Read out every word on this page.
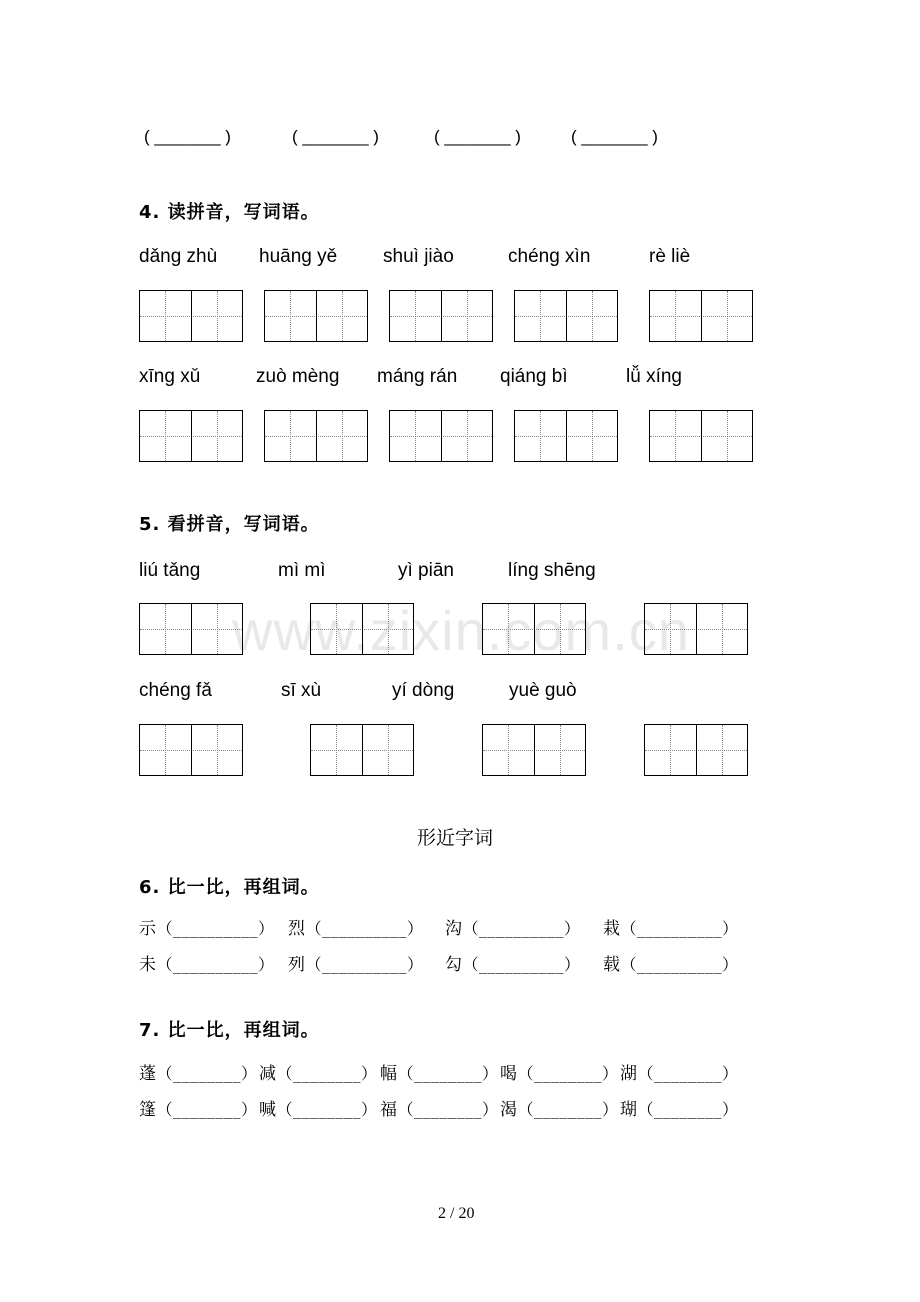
www.zixin.com.cn
( _______ )	( _______ )	( _______ )	( _______ )
4. 读拼音，写词语。
dǎng zhù huāng yě shuì jiào	chéng xìn	rè liè
xīng xǔ	zuò mèng máng rán qiáng bì	lǚ xíng
5. 看拼音，写词语。
liú tǎng	mì mì	yì piān	líng shēng
chéng fǎ	sī xù	yí dòng	yuè guò
形近字词
6. 比一比，再组词。
示（__________） 烈（__________） 沟（__________） 栽（__________）
未（__________） 列（__________） 勾（__________） 载（__________）
7. 比一比，再组词。
蓬（________） 减（________） 幅（________） 喝（________） 湖（________）
篷（________） 喊（________） 福（________） 渴（________） 瑚（________）
2 / 20
